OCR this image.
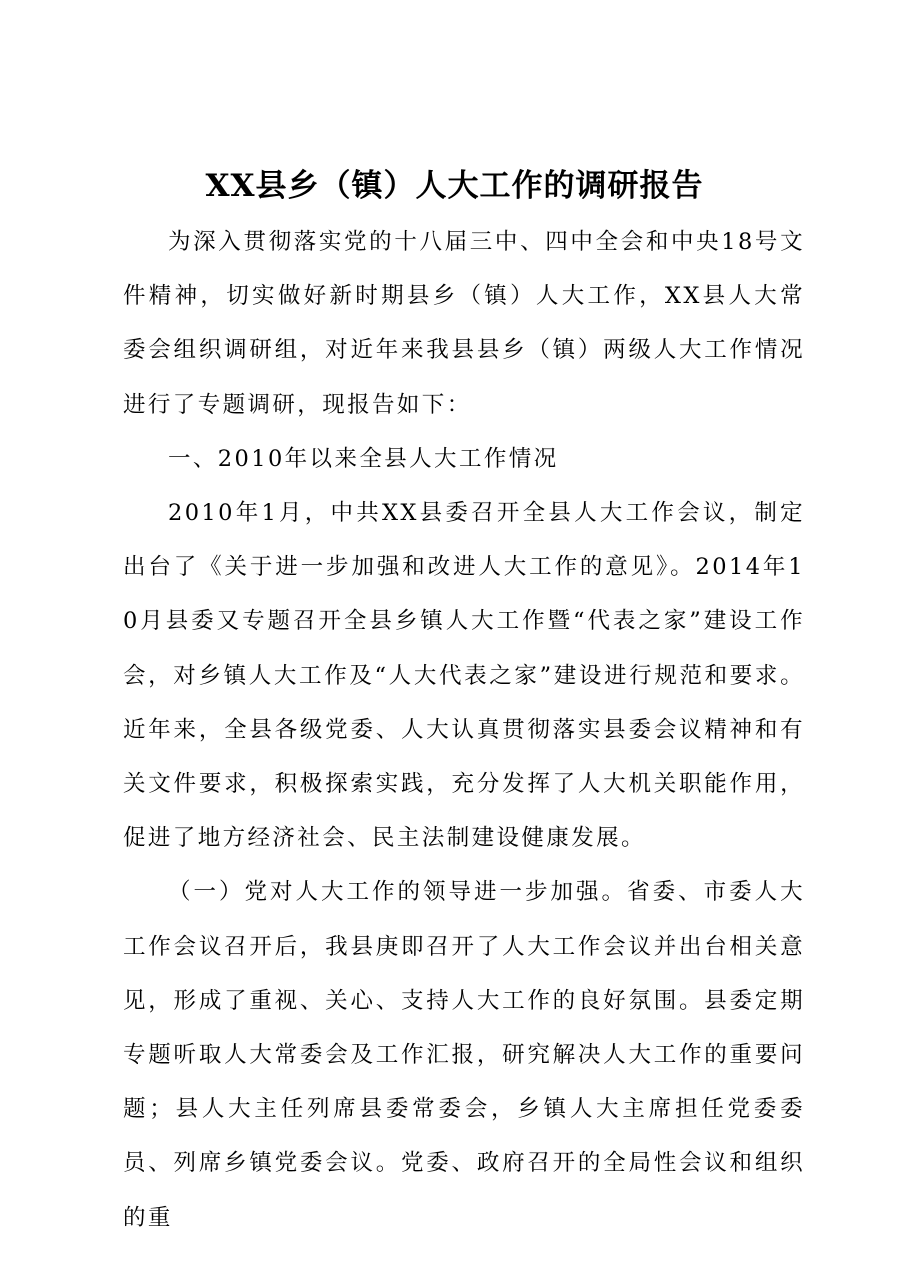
XX县乡（镇）人大工作的调研报告

为深入贯彻落实党的十八届三中、四中全会和中央18号文件精神，切实做好新时期县乡（镇）人大工作，XX县人大常委会组织调研组，对近年来我县县乡（镇）两级人大工作情况进行了专题调研，现报告如下：

一、2010年以来全县人大工作情况

2010年1月，中共XX县委召开全县人大工作会议，制定出台了《关于进一步加强和改进人大工作的意见》。2014年10月县委又专题召开全县乡镇人大工作暨“代表之家”建设工作会，对乡镇人大工作及“人大代表之家”建设进行规范和要求。近年来，全县各级党委、人大认真贯彻落实县委会议精神和有关文件要求，积极探索实践，充分发挥了人大机关职能作用，促进了地方经济社会、民主法制建设健康发展。

（一）党对人大工作的领导进一步加强。省委、市委人大工作会议召开后，我县庚即召开了人大工作会议并出台相关意见，形成了重视、关心、支持人大工作的良好氛围。县委定期专题听取人大常委会及工作汇报，研究解决人大工作的重要问题；县人大主任列席县委常委会，乡镇人大主席担任党委委员、列席乡镇党委会议。党委、政府召开的全局性会议和组织的重
